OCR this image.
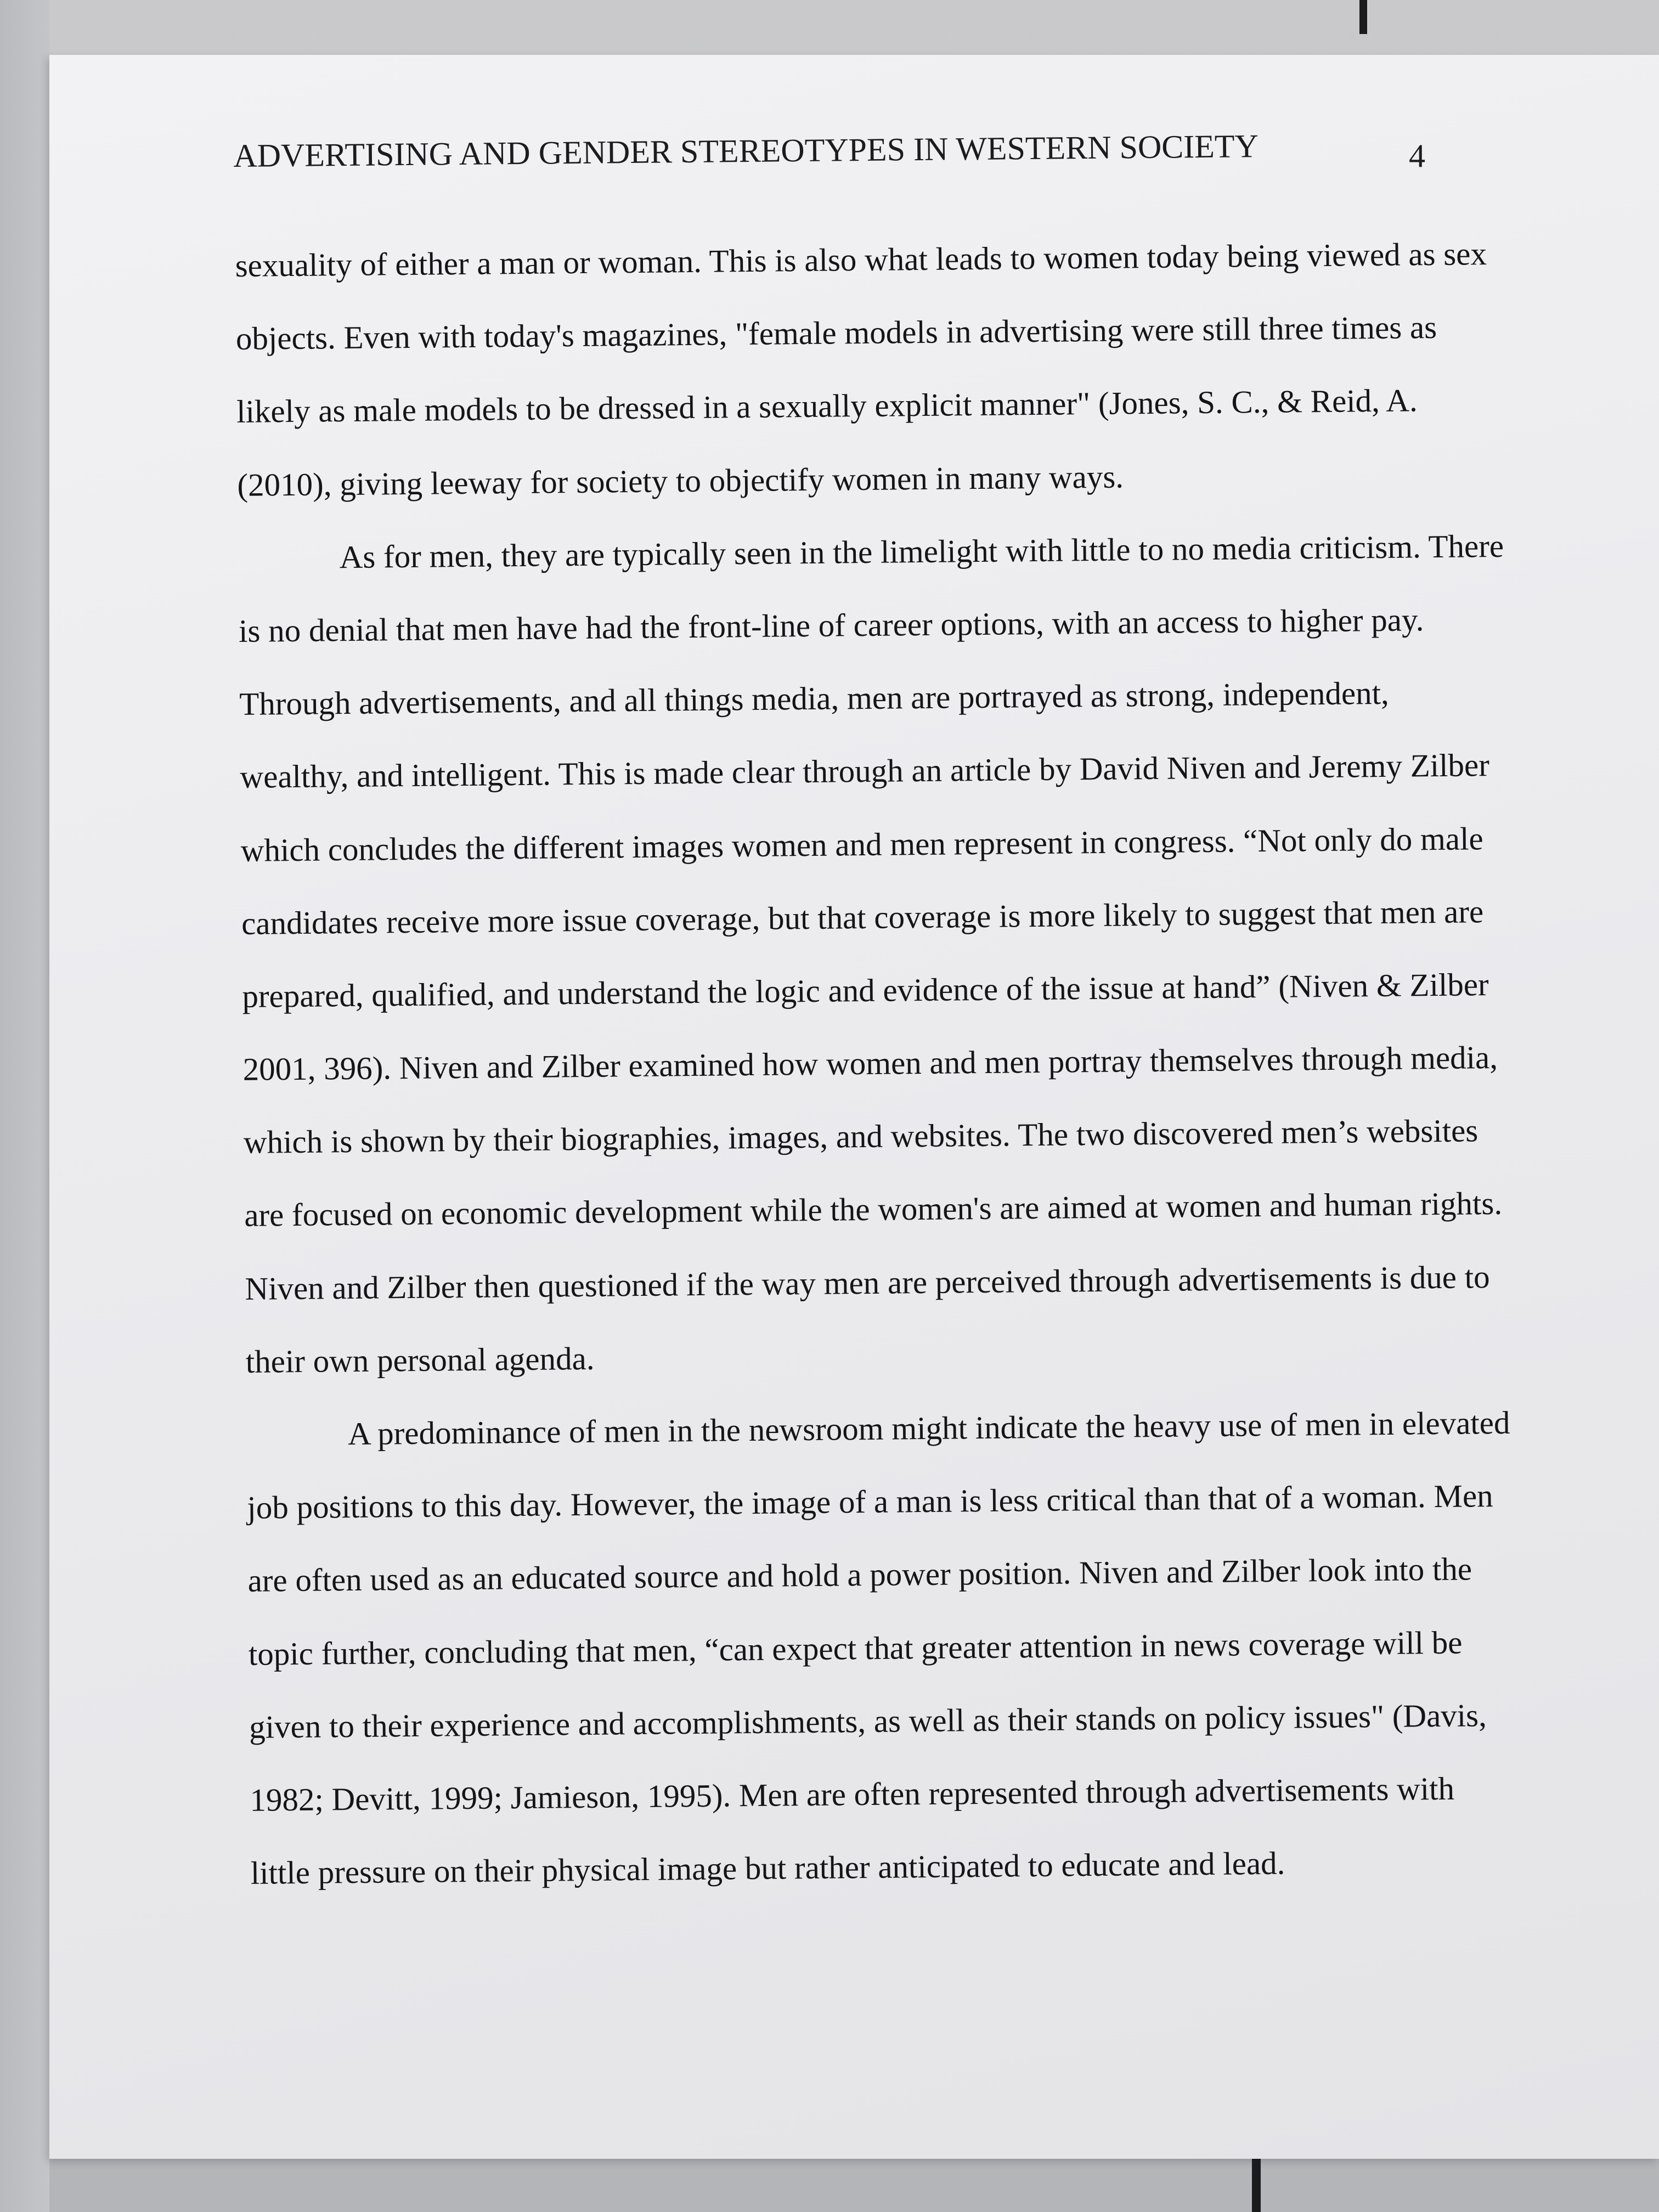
ADVERTISING AND GENDER STEREOTYPES IN WESTERN SOCIETY	4
sexuality of either a man or woman. This is also what leads to women today being viewed as sex
objects. Even with today's magazines, "female models in advertising were still three times as
likely as male models to be dressed in a sexually explicit manner" (Jones, S. C., & Reid, A.
(2010), giving leeway for society to objectify women in many ways.
As for men, they are typically seen in the limelight with little to no media criticism. There
is no denial that men have had the front-line of career options, with an access to higher pay.
Through advertisements, and all things media, men are portrayed as strong, independent,
wealthy, and intelligent. This is made clear through an article by David Niven and Jeremy Zilber
which concludes the different images women and men represent in congress. “Not only do male
candidates receive more issue coverage, but that coverage is more likely to suggest that men are
prepared, qualified, and understand the logic and evidence of the issue at hand” (Niven & Zilber
2001, 396). Niven and Zilber examined how women and men portray themselves through media,
which is shown by their biographies, images, and websites. The two discovered men’s websites
are focused on economic development while the women's are aimed at women and human rights.
Niven and Zilber then questioned if the way men are perceived through advertisements is due to
their own personal agenda.
A predominance of men in the newsroom might indicate the heavy use of men in elevated
job positions to this day. However, the image of a man is less critical than that of a woman. Men
are often used as an educated source and hold a power position. Niven and Zilber look into the
topic further, concluding that men, “can expect that greater attention in news coverage will be
given to their experience and accomplishments, as well as their stands on policy issues" (Davis,
1982; Devitt, 1999; Jamieson, 1995). Men are often represented through advertisements with
little pressure on their physical image but rather anticipated to educate and lead.
